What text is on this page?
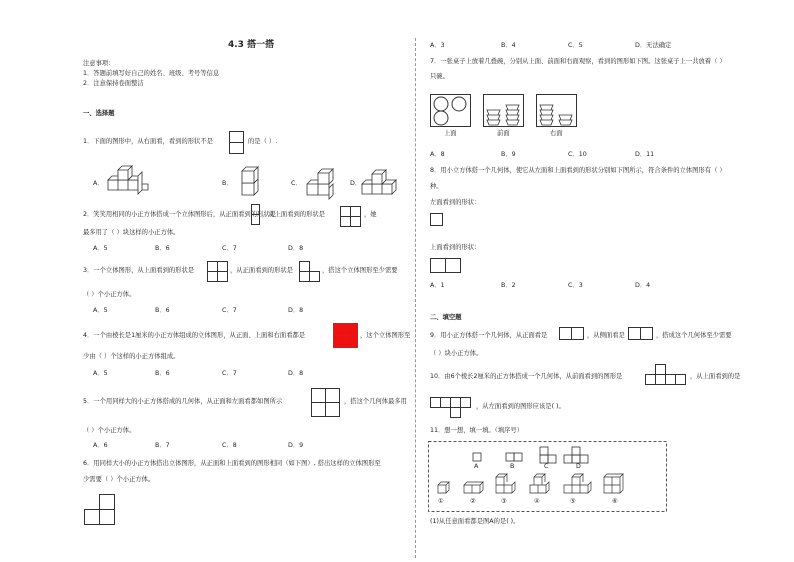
4.3 搭一搭
注意事项：
1．答题前填写好自己的姓名、班级、考号等信息
2．注意保持卷面整洁
一、选择题
1．下面的图形中，从右面看，看到的形状不是	的是（ ）.
A．	B．	C．	D．
2．笑笑用相同的小正方体搭成一个立体图形后，从正面看到的形状是
，从上面看到的形状是	，她
最多用了（ ）块这样的小正方体。
A．5	B．6	C．7	D．8
3．一个立体图形，从上面看到的形状是	，从正面看到的形状是	，搭这个立体图形至少需要
（ ）个小正方体。
A．5	B．6	C．7	D．8
4．一个由棱长是1厘米的小正方体组成的立体图形，从正面、上面和右面看都是	，这个立体图形至
少由（ ）个这样的小正方体组成。
A．5	B．6	C．7	D．8
5．一个用同样大的小正方体搭成的几何体，从正面和左面看都如图所示	，搭这个几何体最多用
（ ）个小正方体。
A．6	B．7	C．8	D．9
6．用同样大小的小正方体搭出立体图形，从正面和上面看到的图形相同（如下图）, 搭出这样的立体图形至
少需要（ ）个小正方体。
A．3	B．4	C．5	D．无法确定
7．一张桌子上放着几叠碗，分别从上面、前面和右面观察，看到的图形如下图。这张桌子上一共放着（ ）
只碗。
上面	前面	右面
A．8	B．9	C．10	D．11
8．用小立方体搭一个几何体，使它从左面和上面看到的形状分别如下图所示，符合条件的立体图形有（ ）
种。
左面看到的形状：
上面看到的形状：
A．1	B．2	C．3	D．4
二、填空题
9．用小正方体搭一个几何体，从正面看是	，从侧面看是	，搭成这个几何体至少需要
（ ）块小正方体。
10．由6个棱长2厘米的正方体搭成一个几何体，从前面看到的图形是	，从上面看到的是
，从左面看到的图形应该是( )。
11．想一想，填一填。（填序号）
A	B	C	D
①	②	③	④	⑤	⑥
(1)从任意面看都是图A的是( )。
